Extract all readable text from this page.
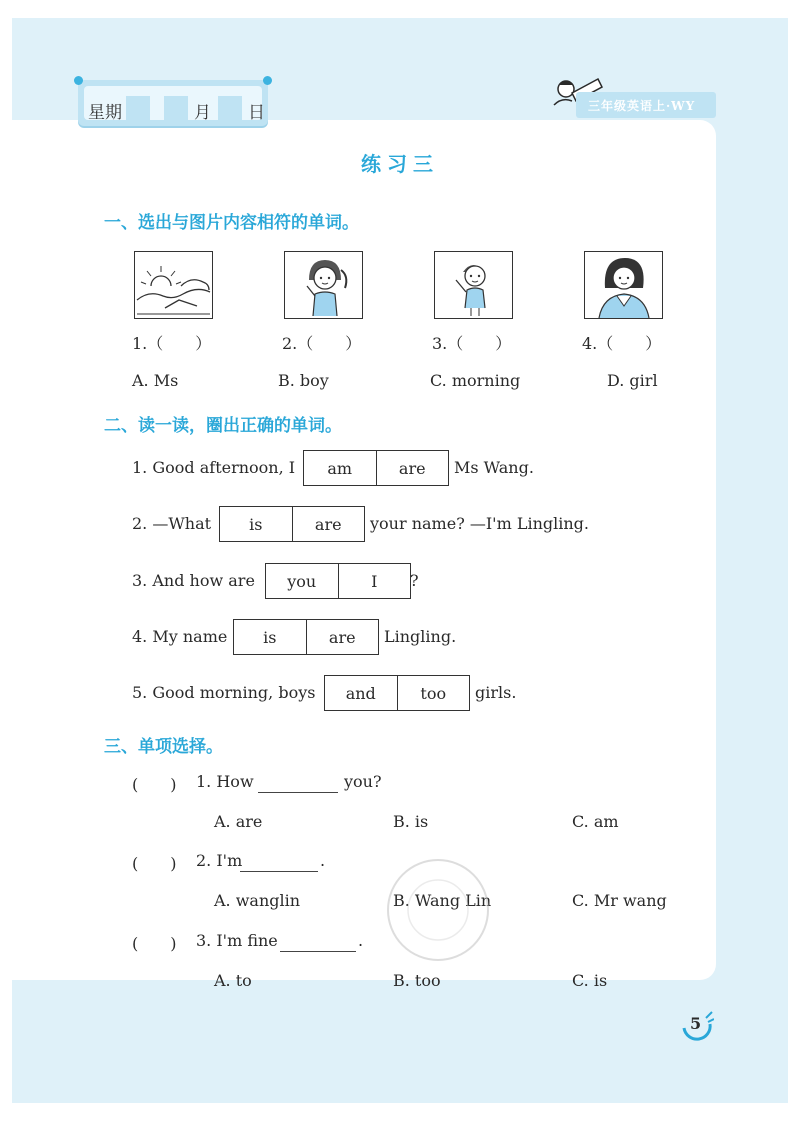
星期	月 日	三年级英语上·WY
练习三
一、选出与图片内容相符的单词。
1.（　　）	2.（　　）	3.（　　）	4.（　　）
A. Ms	B. boy	C. morning	D. girl
二、读一读，圈出正确的单词。
1. Good afternoon, I	am	are	Ms Wang.
2. —What	is	are	your name? —I'm Lingling.
3. And how are	you	I	?
4. My name	is	are	Lingling.
5. Good morning, boys	and	too	girls.
三、单项选择。
(　　) 1. How	you?
A. are	B. is	C. am
(　　) 2. I'm	.
A. wanglin	B. Wang Lin	C. Mr wang
(　　) 3. I'm fine	.
A. to	B. too	C. is
5
